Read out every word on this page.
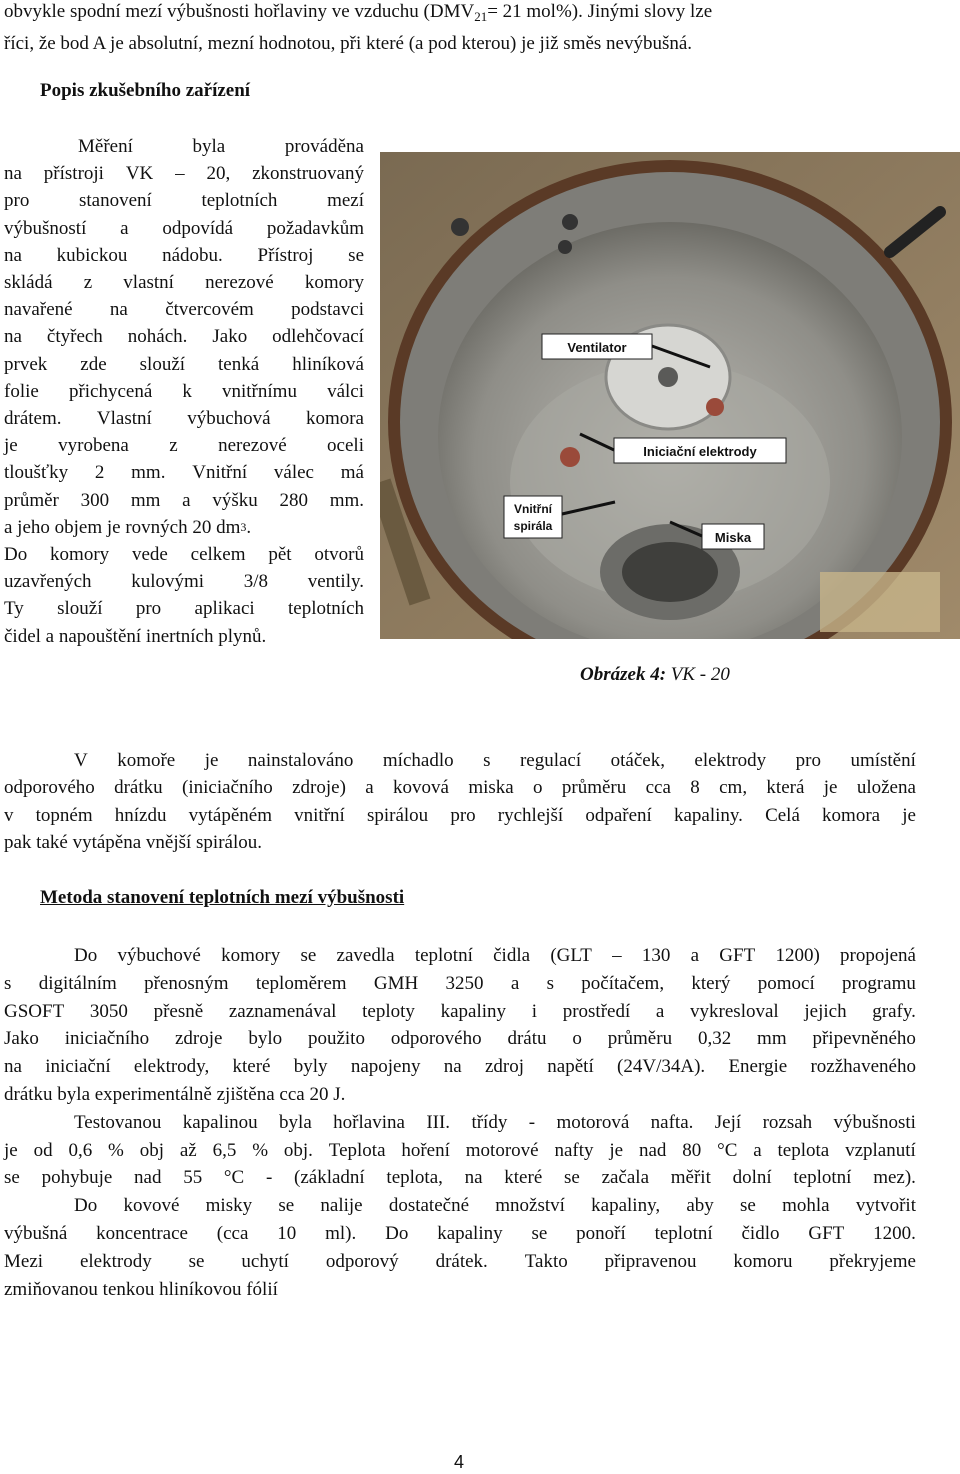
obvykle spodní mezí výbušnosti hořlaviny ve vzduchu ($DMV_{21}= 21$ mol%). Jinými slovy lze
říci, že bod A je absolutní, mezní hodnotou, při které (a pod kterou) je již směs nevýbušná.
Popis zkušebního zařízení
Měření	byla	prováděna
na přístroji VK – 20, zkonstruovaný
pro	stanovení	teplotních	mezí
výbušností a odpovídá požadavkům
na kubickou nádobu. Přístroj se
skládá z vlastní nerezové komory
navařené na čtvercovém podstavci
na čtyřech nohách. Jako odlehčovací
prvek zde slouží tenká hliníková
folie přichycená k vnitřnímu válci
drátem. Vlastní výbuchová komora
je vyrobena z nerezové oceli
tloušťky 2 mm. Vnitřní válec má
průměr 300 mm a výšku 280 mm.
a jeho objem je rovných 20 dm 3 .
Do komory vede celkem pět otvorů
uzavřených kulovými 3/8 ventily.
Ty slouží pro aplikaci teplotních
čidel a napouštění inertních plynů.
Ventilator
Iniciační elektrody
Vnitřní
spirála
Miska
Obrázek 4: VK - 20
V komoře je nainstalováno míchadlo s regulací otáček, elektrody pro umístění
odporového drátku (iniciačního zdroje) a kovová miska o průměru cca 8 cm, která je uložena
v topném hnízdu vytápěném vnitřní spirálou pro rychlejší odpaření kapaliny. Celá komora je
pak také vytápěna vnější spirálou.
Metoda stanovení teplotních mezí výbušnosti
Do výbuchové komory se zavedla teplotní čidla (GLT – 130 a GFT 1200) propojená
s digitálním přenosným teploměrem GMH 3250 a s počítačem, který pomocí programu
GSOFT 3050 přesně zaznamenával teploty kapaliny i prostředí a vykresloval jejich grafy.
Jako iniciačního zdroje bylo použito odporového drátu o průměru 0,32 mm připevněného
na iniciační elektrody, které byly napojeny na zdroj napětí (24V/34A). Energie rozžhaveného
drátku byla experimentálně zjištěna cca 20 J.
Testovanou kapalinou byla hořlavina III. třídy - motorová nafta. Její rozsah výbušnosti
je od 0,6 % obj až 6,5 % obj. Teplota hoření motorové nafty je nad 80 °C a teplota vzplanutí
se pohybuje nad 55 °C - (základní teplota, na které se začala měřit dolní teplotní mez).
Do kovové misky se nalije dostatečné množství kapaliny, aby se mohla vytvořit
výbušná koncentrace (cca 10 ml). Do kapaliny se ponoří teplotní čidlo GFT 1200.
Mezi elektrody se uchytí odporový drátek. Takto připravenou komoru překryjeme
zmiňovanou tenkou hliníkovou fólií
4
